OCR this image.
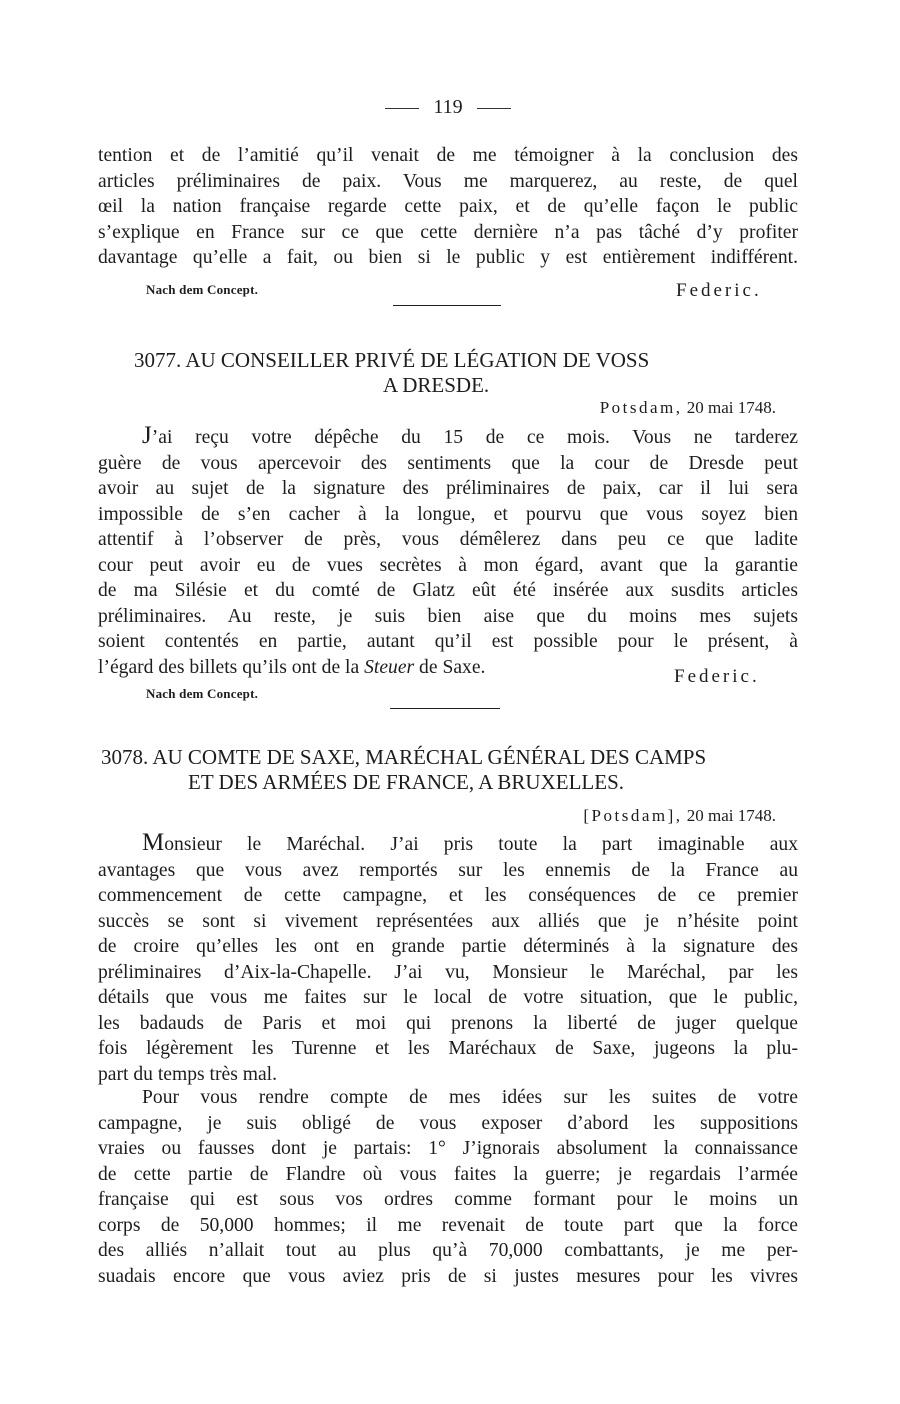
119
tention et de l’amitié qu’il venait de me témoigner à la conclusion des
articles préliminaires de paix. Vous me marquerez, au reste, de quel
œil la nation française regarde cette paix, et de qu’elle façon le public
s’explique en France sur ce que cette dernière n’a pas tâché d’y profiter
davantage qu’elle a fait, ou bien si le public y est entièrement indifférent.
Nach dem Concept.	Federic.
3077. AU CONSEILLER PRIVÉ DE LÉGATION DE VOSS
A DRESDE.
Potsdam, 20 mai 1748.
J’ai reçu votre dépêche du 15 de ce mois. Vous ne tarderez
guère de vous apercevoir des sentiments que la cour de Dresde peut
avoir au sujet de la signature des préliminaires de paix, car il lui sera
impossible de s’en cacher à la longue, et pourvu que vous soyez bien
attentif à l’observer de près, vous démêlerez dans peu ce que ladite
cour peut avoir eu de vues secrètes à mon égard, avant que la garantie
de ma Silésie et du comté de Glatz eût été insérée aux susdits articles
préliminaires. Au reste, je suis bien aise que du moins mes sujets
soient contentés en partie, autant qu’il est possible pour le présent, à
l’égard des billets qu’ils ont de la Steuer de Saxe.	Federic.
Nach dem Concept.
3078. AU COMTE DE SAXE, MARÉCHAL GÉNÉRAL DES CAMPS
ET DES ARMÉES DE FRANCE, A BRUXELLES.
[Potsdam], 20 mai 1748.
Monsieur le Maréchal. J’ai pris toute la part imaginable aux
avantages que vous avez remportés sur les ennemis de la France au
commencement de cette campagne, et les conséquences de ce premier
succès se sont si vivement représentées aux alliés que je n’hésite point
de croire qu’elles les ont en grande partie déterminés à la signature des
préliminaires d’Aix-la-Chapelle. J’ai vu, Monsieur le Maréchal, par les
détails que vous me faites sur le local de votre situation, que le public,
les badauds de Paris et moi qui prenons la liberté de juger quelque
fois légèrement les Turenne et les Maréchaux de Saxe, jugeons la plu-
part du temps très mal.
Pour vous rendre compte de mes idées sur les suites de votre
campagne, je suis obligé de vous exposer d’abord les suppositions
vraies ou fausses dont je partais: 1° J’ignorais absolument la connaissance
de cette partie de Flandre où vous faites la guerre; je regardais l’armée
française qui est sous vos ordres comme formant pour le moins un
corps de 50,000 hommes; il me revenait de toute part que la force
des alliés n’allait tout au plus qu’à 70,000 combattants, je me per-
suadais encore que vous aviez pris de si justes mesures pour les vivres
